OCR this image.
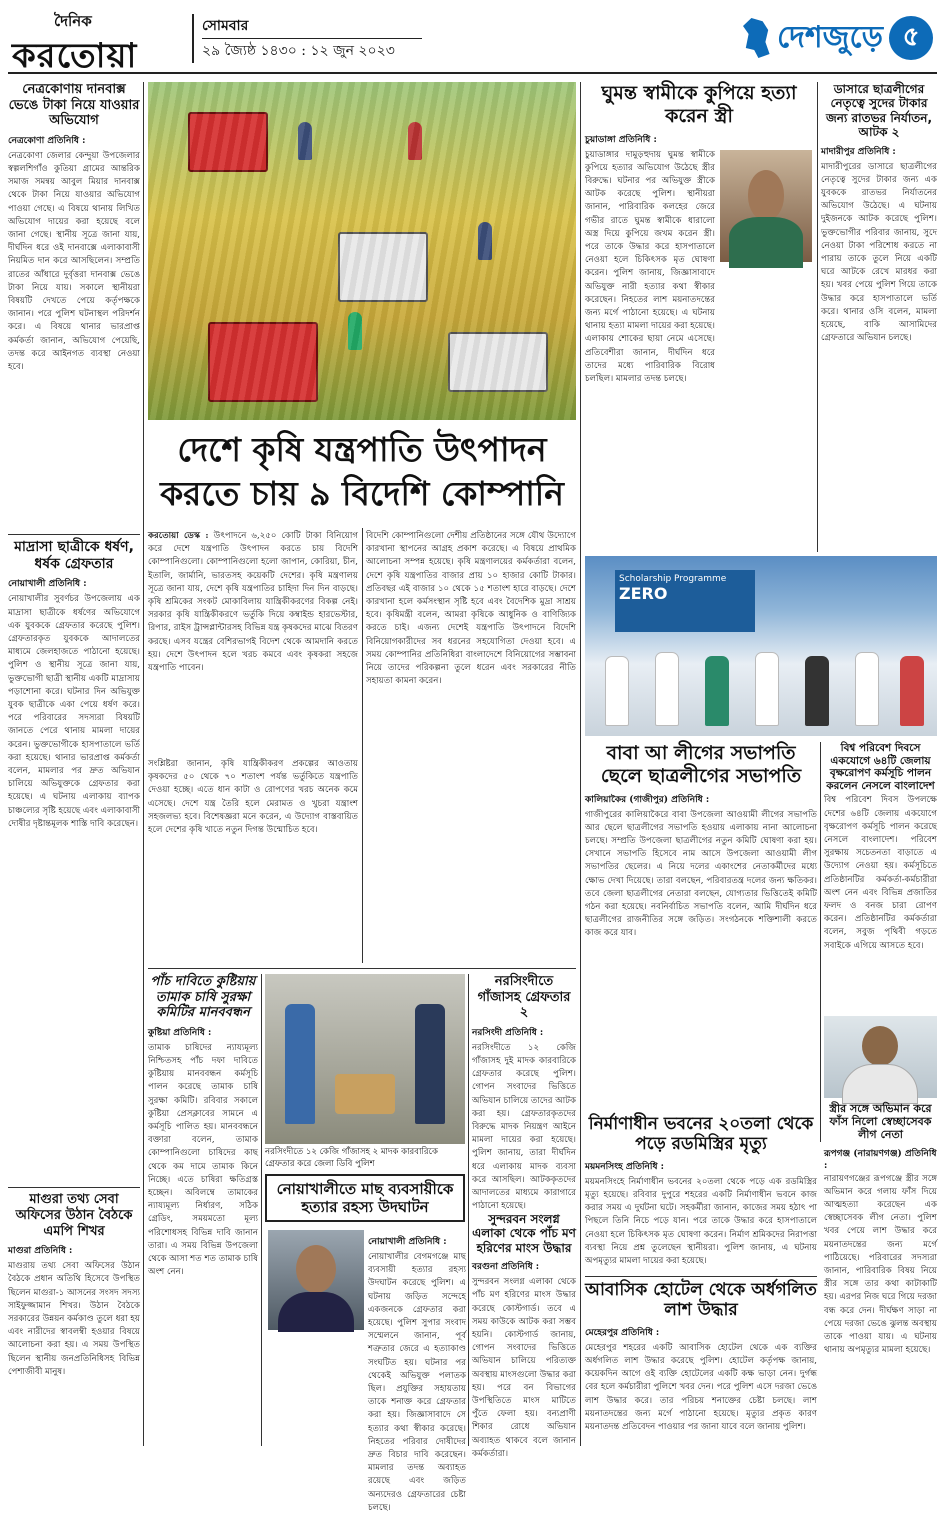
দৈনিক
করতোয়া
সোমবার
২৯ জ্যৈষ্ঠ ১৪৩০ : ১২ জুন ২০২৩	দেশজুড়ে ৫
নেত্রকোণায় দানবাক্স ভেঙে টাকা নিয়ে যাওয়ার অভিযোগ
নেত্রকোণা প্রতিনিধি :
নেত্রকোণা জেলার কেন্দুয়া উপজেলার স্বল্পলশিগাঁও কুতিয়া গ্রামের আন্তরিক সমাজ সমন্বয় আবুল মিয়ার দানবাক্স থেকে টাকা নিয়ে যাওয়ার অভিযোগ পাওয়া গেছে। এ বিষয়ে থানায় লিখিত অভিযোগ দায়ের করা হয়েছে বলে জানা গেছে। স্থানীয় সূত্রে জানা যায়, দীর্ঘদিন ধরে ওই দানবাক্সে এলাকাবাসী নিয়মিত দান করে আসছিলেন। সম্প্রতি রাতের আঁধারে দুর্বৃত্তরা দানবাক্স ভেঙে টাকা নিয়ে যায়। সকালে স্থানীয়রা বিষয়টি দেখতে পেয়ে কর্তৃপক্ষকে জানান। পরে পুলিশ ঘটনাস্থল পরিদর্শন করে। এ বিষয়ে থানার ভারপ্রাপ্ত কর্মকর্তা জানান, অভিযোগ পেয়েছি, তদন্ত করে আইনগত ব্যবস্থা নেওয়া হবে।
মাদ্রাসা ছাত্রীকে ধর্ষণ, ধর্ষক গ্রেফতার
নোয়াখালী প্রতিনিধি :
নোয়াখালীর সুবর্ণচর উপজেলায় এক মাদ্রাসা ছাত্রীকে ধর্ষণের অভিযোগে এক যুবককে গ্রেফতার করেছে পুলিশ। গ্রেফতারকৃত যুবককে আদালতের মাধ্যমে জেলহাজতে পাঠানো হয়েছে। পুলিশ ও স্থানীয় সূত্রে জানা যায়, ভুক্তভোগী ছাত্রী স্থানীয় একটি মাদ্রাসায় পড়াশোনা করে। ঘটনার দিন অভিযুক্ত যুবক ছাত্রীকে একা পেয়ে ধর্ষণ করে। পরে পরিবারের সদস্যরা বিষয়টি জানতে পেরে থানায় মামলা দায়ের করেন। ভুক্তভোগীকে হাসপাতালে ভর্তি করা হয়েছে। থানার ভারপ্রাপ্ত কর্মকর্তা বলেন, মামলার পর দ্রুত অভিযান চালিয়ে অভিযুক্তকে গ্রেফতার করা হয়েছে। এ ঘটনায় এলাকায় ব্যাপক চাঞ্চল্যের সৃষ্টি হয়েছে এবং এলাকাবাসী দোষীর দৃষ্টান্তমূলক শাস্তি দাবি করেছেন।
মাগুরা তথ্য সেবা অফিসের উঠান বৈঠকে এমপি শিখর
মাগুরা প্রতিনিধি :
মাগুরায় তথ্য সেবা অফিসের উঠান বৈঠকে প্রধান অতিথি হিসেবে উপস্থিত ছিলেন মাগুরা-১ আসনের সংসদ সদস্য সাইফুজ্জামান শিখর। উঠান বৈঠকে সরকারের উন্নয়ন কর্মকাণ্ড তুলে ধরা হয় এবং নারীদের স্বাবলম্বী হওয়ার বিষয়ে আলোচনা করা হয়। এ সময় উপস্থিত ছিলেন স্থানীয় জনপ্রতিনিধিসহ বিভিন্ন পেশাজীবী মানুষ।
দেশে কৃষি যন্ত্রপাতি উৎপাদন করতে চায় ৯ বিদেশি কোম্পানি
করতোয়া ডেস্ক : উৎপাদনে ৬,২৫০ কোটি টাকা বিনিয়োগ করে দেশে যন্ত্রপাতি উৎপাদন করতে চায় বিদেশি কোম্পানিগুলো। কোম্পানিগুলো হলো জাপান, কোরিয়া, চীন, ইতালি, জার্মানি, ভারতসহ কয়েকটি দেশের। কৃষি মন্ত্রণালয় সূত্রে জানা যায়, দেশে কৃষি যন্ত্রপাতির চাহিদা দিন দিন বাড়ছে। কৃষি শ্রমিকের সংকট মোকাবিলায় যান্ত্রিকীকরণের বিকল্প নেই। সরকার কৃষি যান্ত্রিকীকরণে ভর্তুকি দিয়ে কম্বাইন্ড হারভেস্টার, রিপার, রাইস ট্রান্সপ্লান্টারসহ বিভিন্ন যন্ত্র কৃষকদের মাঝে বিতরণ করছে। এসব যন্ত্রের বেশিরভাগই বিদেশ থেকে আমদানি করতে হয়। দেশে উৎপাদন হলে খরচ কমবে এবং কৃষকরা সহজে যন্ত্রপাতি পাবেন।
সংশ্লিষ্টরা জানান, কৃষি যান্ত্রিকীকরণ প্রকল্পের আওতায় কৃষকদের ৫০ থেকে ৭০ শতাংশ পর্যন্ত ভর্তুকিতে যন্ত্রপাতি দেওয়া হচ্ছে। এতে ধান কাটা ও রোপণের খরচ অনেক কমে এসেছে। দেশে যন্ত্র তৈরি হলে মেরামত ও খুচরা যন্ত্রাংশ সহজলভ্য হবে। বিশেষজ্ঞরা মনে করেন, এ উদ্যোগ বাস্তবায়িত হলে দেশের কৃষি খাতে নতুন দিগন্ত উন্মোচিত হবে।
বিদেশি কোম্পানিগুলো দেশীয় প্রতিষ্ঠানের সঙ্গে যৌথ উদ্যোগে কারখানা স্থাপনের আগ্রহ প্রকাশ করেছে। এ বিষয়ে প্রাথমিক আলোচনা সম্পন্ন হয়েছে। কৃষি মন্ত্রণালয়ের কর্মকর্তারা বলেন, দেশে কৃষি যন্ত্রপাতির বাজার প্রায় ১০ হাজার কোটি টাকার। প্রতিবছর এই বাজার ১০ থেকে ১৫ শতাংশ হারে বাড়ছে। দেশে কারখানা হলে কর্মসংস্থান সৃষ্টি হবে এবং বৈদেশিক মুদ্রা সাশ্রয় হবে। কৃষিমন্ত্রী বলেন, আমরা কৃষিকে আধুনিক ও বাণিজ্যিক করতে চাই। এজন্য দেশেই যন্ত্রপাতি উৎপাদনে বিদেশি বিনিয়োগকারীদের সব ধরনের সহযোগিতা দেওয়া হবে। এ সময় কোম্পানির প্রতিনিধিরা বাংলাদেশে বিনিয়োগের সম্ভাবনা নিয়ে তাদের পরিকল্পনা তুলে ধরেন এবং সরকারের নীতি সহায়তা কামনা করেন।
পাঁচ দাবিতে কুষ্টিয়ায় তামাক চাষি সুরক্ষা কমিটির মানববন্ধন
কুষ্টিয়া প্রতিনিধি :
তামাক চাষিদের ন্যায্যমূল্য নিশ্চিতসহ পাঁচ দফা দাবিতে কুষ্টিয়ায় মানববন্ধন কর্মসূচি পালন করেছে তামাক চাষি সুরক্ষা কমিটি। রবিবার সকালে কুষ্টিয়া প্রেসক্লাবের সামনে এ কর্মসূচি পালিত হয়। মানববন্ধনে বক্তারা বলেন, তামাক কোম্পানিগুলো চাষিদের কাছ থেকে কম দামে তামাক কিনে নিচ্ছে। এতে চাষিরা ক্ষতিগ্রস্ত হচ্ছেন। অবিলম্বে তামাকের ন্যায্যমূল্য নির্ধারণ, সঠিক গ্রেডিং, সময়মতো মূল্য পরিশোধসহ বিভিন্ন দাবি জানান তারা। এ সময় বিভিন্ন উপজেলা থেকে আসা শত শত তামাক চাষি অংশ নেন।
নরসিংদীতে ১২ কেজি গাঁজাসহ ২ মাদক কারবারিকে গ্রেফতার করে জেলা ডিবি পুলিশ
নরসিংদীতে গাঁজাসহ গ্রেফতার ২
নরসিংদী প্রতিনিধি :
নরসিংদীতে ১২ কেজি গাঁজাসহ দুই মাদক কারবারিকে গ্রেফতার করেছে পুলিশ। গোপন সংবাদের ভিত্তিতে অভিযান চালিয়ে তাদের আটক করা হয়। গ্রেফতারকৃতদের বিরুদ্ধে মাদক নিয়ন্ত্রণ আইনে মামলা দায়ের করা হয়েছে। পুলিশ জানায়, তারা দীর্ঘদিন ধরে এলাকায় মাদক ব্যবসা করে আসছিল। আটককৃতদের আদালতের মাধ্যমে কারাগারে পাঠানো হয়েছে।
নোয়াখালীতে মাছ ব্যবসায়ীকে হত্যার রহস্য উদঘাটন
নোয়াখালী প্রতিনিধি :
নোয়াখালীর বেগমগঞ্জে মাছ ব্যবসায়ী হত্যার রহস্য উদঘাটন করেছে পুলিশ। এ ঘটনায় জড়িত সন্দেহে একজনকে গ্রেফতার করা হয়েছে। পুলিশ সুপার সংবাদ সম্মেলনে জানান, পূর্ব শত্রুতার জেরে এ হত্যাকাণ্ড সংঘটিত হয়। ঘটনার পর থেকেই অভিযুক্ত পলাতক ছিল। প্রযুক্তির সহায়তায় তাকে শনাক্ত করে গ্রেফতার করা হয়। জিজ্ঞাসাবাদে সে হত্যার কথা স্বীকার করেছে। নিহতের পরিবার দোষীদের দ্রুত বিচার দাবি করেছেন। মামলার তদন্ত অব্যাহত রয়েছে এবং জড়িত অন্যদেরও গ্রেফতারের চেষ্টা চলছে।
সুন্দরবন সংলগ্ন এলাকা থেকে পাঁচ মণ হরিণের মাংস উদ্ধার
বরগুনা প্রতিনিধি :
সুন্দরবন সংলগ্ন এলাকা থেকে পাঁচ মণ হরিণের মাংস উদ্ধার করেছে কোস্টগার্ড। তবে এ সময় কাউকে আটক করা সম্ভব হয়নি। কোস্টগার্ড জানায়, গোপন সংবাদের ভিত্তিতে অভিযান চালিয়ে পরিত্যক্ত অবস্থায় মাংসগুলো উদ্ধার করা হয়। পরে বন বিভাগের উপস্থিতিতে মাংস মাটিতে পুঁতে ফেলা হয়। বন্যপ্রাণী শিকার রোধে অভিযান অব্যাহত থাকবে বলে জানান কর্মকর্তারা।
ঘুমন্ত স্বামীকে কুপিয়ে হত্যা করেন স্ত্রী
চুয়াডাঙ্গা প্রতিনিধি :
চুয়াডাঙ্গার দামুড়হুদায় ঘুমন্ত স্বামীকে কুপিয়ে হত্যার অভিযোগ উঠেছে স্ত্রীর বিরুদ্ধে। ঘটনার পর অভিযুক্ত স্ত্রীকে আটক করেছে পুলিশ। স্থানীয়রা জানান, পারিবারিক কলহের জেরে গভীর রাতে ঘুমন্ত স্বামীকে ধারালো অস্ত্র দিয়ে কুপিয়ে জখম করেন স্ত্রী। পরে তাকে উদ্ধার করে হাসপাতালে নেওয়া হলে চিকিৎসক মৃত ঘোষণা করেন। পুলিশ জানায়, জিজ্ঞাসাবাদে অভিযুক্ত নারী হত্যার কথা স্বীকার করেছেন। নিহতের লাশ ময়নাতদন্তের জন্য মর্গে পাঠানো হয়েছে। এ ঘটনায় থানায় হত্যা মামলা দায়ের করা হয়েছে। এলাকায় শোকের ছায়া নেমে এসেছে। প্রতিবেশীরা জানান, দীর্ঘদিন ধরে তাদের মধ্যে পারিবারিক বিরোধ চলছিল। মামলার তদন্ত চলছে।
ডাসারে ছাত্রলীগের নেতৃত্বে সুদের টাকার জন্য রাতভর নির্যাতন, আটক ২
মাদারীপুর প্রতিনিধি :
মাদারীপুরের ডাসারে ছাত্রলীগের নেতৃত্বে সুদের টাকার জন্য এক যুবককে রাতভর নির্যাতনের অভিযোগ উঠেছে। এ ঘটনায় দুইজনকে আটক করেছে পুলিশ। ভুক্তভোগীর পরিবার জানায়, সুদে নেওয়া টাকা পরিশোধ করতে না পারায় তাকে তুলে নিয়ে একটি ঘরে আটকে রেখে মারধর করা হয়। খবর পেয়ে পুলিশ গিয়ে তাকে উদ্ধার করে হাসপাতালে ভর্তি করে। থানার ওসি বলেন, মামলা হয়েছে, বাকি আসামিদের গ্রেফতারে অভিযান চলছে।
Scholarship Programme
ZERO
বাবা আ লীগের সভাপতি ছেলে ছাত্রলীগের সভাপতি
কালিয়াকৈর (গাজীপুর) প্রতিনিধি :
গাজীপুরের কালিয়াকৈরে বাবা উপজেলা আওয়ামী লীগের সভাপতি আর ছেলে ছাত্রলীগের সভাপতি হওয়ায় এলাকায় নানা আলোচনা চলছে। সম্প্রতি উপজেলা ছাত্রলীগের নতুন কমিটি ঘোষণা করা হয়। সেখানে সভাপতি হিসেবে নাম আসে উপজেলা আওয়ামী লীগ সভাপতির ছেলের। এ নিয়ে দলের একাংশের নেতাকর্মীদের মধ্যে ক্ষোভ দেখা দিয়েছে। তারা বলছেন, পরিবারতন্ত্র দলের জন্য ক্ষতিকর। তবে জেলা ছাত্রলীগের নেতারা বলছেন, যোগ্যতার ভিত্তিতেই কমিটি গঠন করা হয়েছে। নবনির্বাচিত সভাপতি বলেন, আমি দীর্ঘদিন ধরে ছাত্রলীগের রাজনীতির সঙ্গে জড়িত। সংগঠনকে শক্তিশালী করতে কাজ করে যাব।
বিশ্ব পরিবেশ দিবসে একযোগে ৬৪টি জেলায় বৃক্ষরোপণ কর্মসূচি পালন করলেন নেসলে বাংলাদেশ
বিশ্ব পরিবেশ দিবস উপলক্ষে দেশের ৬৪টি জেলায় একযোগে বৃক্ষরোপণ কর্মসূচি পালন করেছে নেসলে বাংলাদেশ। পরিবেশ সুরক্ষায় সচেতনতা বাড়াতে এ উদ্যোগ নেওয়া হয়। কর্মসূচিতে প্রতিষ্ঠানটির কর্মকর্তা-কর্মচারীরা অংশ নেন এবং বিভিন্ন প্রজাতির ফলদ ও বনজ চারা রোপণ করেন। প্রতিষ্ঠানটির কর্মকর্তারা বলেন, সবুজ পৃথিবী গড়তে সবাইকে এগিয়ে আসতে হবে।
স্ত্রীর সঙ্গে অভিমান করে ফাঁস নিলো স্বেচ্ছাসেবক লীগ নেতা
রূপগঞ্জ (নারায়ণগঞ্জ) প্রতিনিধি :
নারায়ণগঞ্জের রূপগঞ্জে স্ত্রীর সঙ্গে অভিমান করে গলায় ফাঁস দিয়ে আত্মহত্যা করেছেন এক স্বেচ্ছাসেবক লীগ নেতা। পুলিশ খবর পেয়ে লাশ উদ্ধার করে ময়নাতদন্তের জন্য মর্গে পাঠিয়েছে। পরিবারের সদস্যরা জানান, পারিবারিক বিষয় নিয়ে স্ত্রীর সঙ্গে তার কথা কাটাকাটি হয়। এরপর নিজ ঘরে গিয়ে দরজা বন্ধ করে দেন। দীর্ঘক্ষণ সাড়া না পেয়ে দরজা ভেঙে ঝুলন্ত অবস্থায় তাকে পাওয়া যায়। এ ঘটনায় থানায় অপমৃত্যুর মামলা হয়েছে।
নির্মাণাধীন ভবনের ২০তলা থেকে পড়ে রডমিস্ত্রির মৃত্যু
ময়মনসিংহ প্রতিনিধি :
ময়মনসিংহে নির্মাণাধীন ভবনের ২০তলা থেকে পড়ে এক রডমিস্ত্রির মৃত্যু হয়েছে। রবিবার দুপুরে শহরের একটি নির্মাণাধীন ভবনে কাজ করার সময় এ দুর্ঘটনা ঘটে। সহকর্মীরা জানান, কাজের সময় হঠাৎ পা পিছলে তিনি নিচে পড়ে যান। পরে তাকে উদ্ধার করে হাসপাতালে নেওয়া হলে চিকিৎসক মৃত ঘোষণা করেন। নির্মাণ শ্রমিকদের নিরাপত্তা ব্যবস্থা নিয়ে প্রশ্ন তুলেছেন স্থানীয়রা। পুলিশ জানায়, এ ঘটনায় অপমৃত্যুর মামলা দায়ের করা হয়েছে।
আবাসিক হোটেল থেকে অর্ধগলিত লাশ উদ্ধার
মেহেরপুর প্রতিনিধি :
মেহেরপুর শহরের একটি আবাসিক হোটেল থেকে এক ব্যক্তির অর্ধগলিত লাশ উদ্ধার করেছে পুলিশ। হোটেল কর্তৃপক্ষ জানায়, কয়েকদিন আগে ওই ব্যক্তি হোটেলের একটি কক্ষ ভাড়া নেন। দুর্গন্ধ বের হলে কর্মচারীরা পুলিশে খবর দেন। পরে পুলিশ এসে দরজা ভেঙে লাশ উদ্ধার করে। তার পরিচয় শনাক্তের চেষ্টা চলছে। লাশ ময়নাতদন্তের জন্য মর্গে পাঠানো হয়েছে। মৃত্যুর প্রকৃত কারণ ময়নাতদন্ত প্রতিবেদন পাওয়ার পর জানা যাবে বলে জানায় পুলিশ।
